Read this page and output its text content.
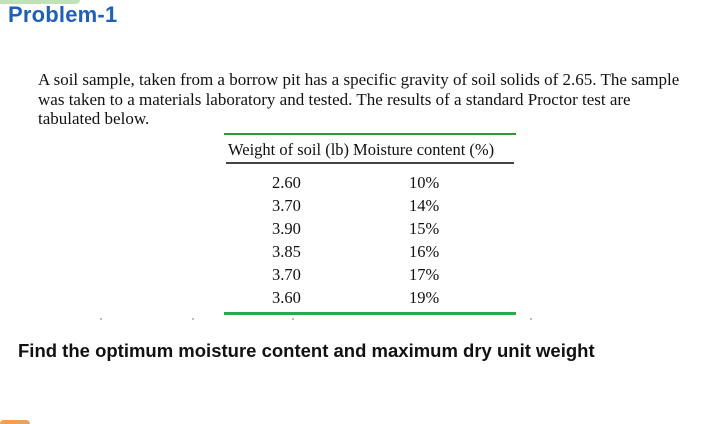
Problem-1
A soil sample, taken from a borrow pit has a specific gravity of soil solids of 2.65. The sample
was taken to a materials laboratory and tested. The results of a standard Proctor test are
tabulated below.
Weight of soil (lb) Moisture content (%)
2.60	10%
3.70	14%
3.90	15%
3.85	16%
3.70	17%
3.60	19%
Find the optimum moisture content and maximum dry unit weight
